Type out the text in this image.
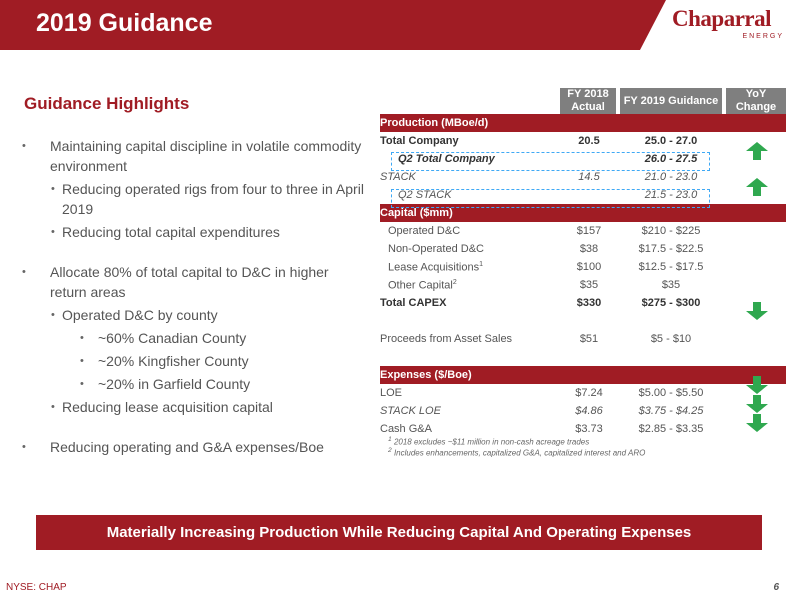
2019 Guidance	Chaparral
ENERGY
Guidance Highlights
• Maintaining capital discipline in volatile commodity environment
• Reducing operated rigs from four to three in April 2019
• Reducing total capital expenditures
• Allocate 80% of total capital to D&C in higher return areas
• Operated D&C by county
• ~60% Canadian County
• ~20% Kingfisher County
• ~20% in Garfield County
• Reducing lease acquisition capital
• Reducing operating and G&A expenses/Boe
	FY 2018 Actual	FY 2019 Guidance	YoY Change
Production (MBoe/d)			
Total Company	20.5	25.0 - 27.0	
Q2 Total Company		26.0 - 27.5	
STACK	14.5	21.0 - 23.0	
Q2 STACK		21.5 - 23.0	
Capital ($mm)			
Operated D&C	$157	$210 - $225	
Non-Operated D&C	$38	$17.5 - $22.5	
Lease Acquisitions$^1$	$100	$12.5 - $17.5	
Other Capital$^2$	$35	$35	
Total CAPEX	$330	$275 - $300	

Proceeds from Asset Sales	$51	$5 - $10	

Expenses ($/Boe)			
LOE	$7.24	$5.00 - $5.50	
STACK LOE	$4.86	$3.75 - $4.25	
Cash G&A	$3.73	$2.85 - $3.35	
$^1$ 2018 excludes ~$11 million in non-cash acreage trades
$^2$ Includes enhancements, capitalized G&A, capitalized interest and ARO
Materially Increasing Production While Reducing Capital And Operating Expenses
NYSE: CHAP	6
